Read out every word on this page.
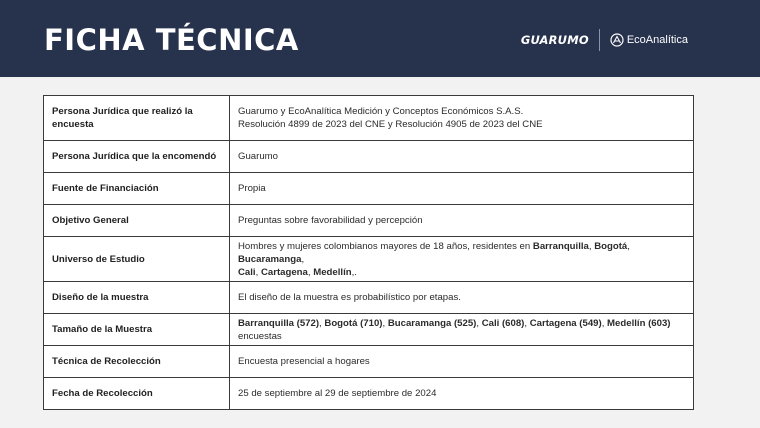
FICHA TÉCNICA	GUARUMO	EcoAnalítica
Persona Jurídica que realizó la encuesta	Guarumo y EcoAnalítica Medición y Conceptos Económicos S.A.S.
Resolución 4899 de 2023 del CNE y Resolución 4905 de 2023 del CNE

Persona Jurídica que la encomendó	Guarumo
Fuente de Financiación	Propia
Objetivo General	Preguntas sobre favorabilidad y percepción
Universo de Estudio	Hombres y mujeres colombianos mayores de 18 años, residentes en Barranquilla, Bogotá, Bucaramanga,
Cali, Cartagena, Medellín,.
Diseño de la muestra	El diseño de la muestra es probabilístico por etapas.
Tamaño de la Muestra	Barranquilla (572), Bogotá (710), Bucaramanga (525), Cali (608), Cartagena (549), Medellín (603) encuestas
Técnica de Recolección	Encuesta presencial a hogares
Fecha de Recolección	25 de septiembre al 29 de septiembre de 2024
